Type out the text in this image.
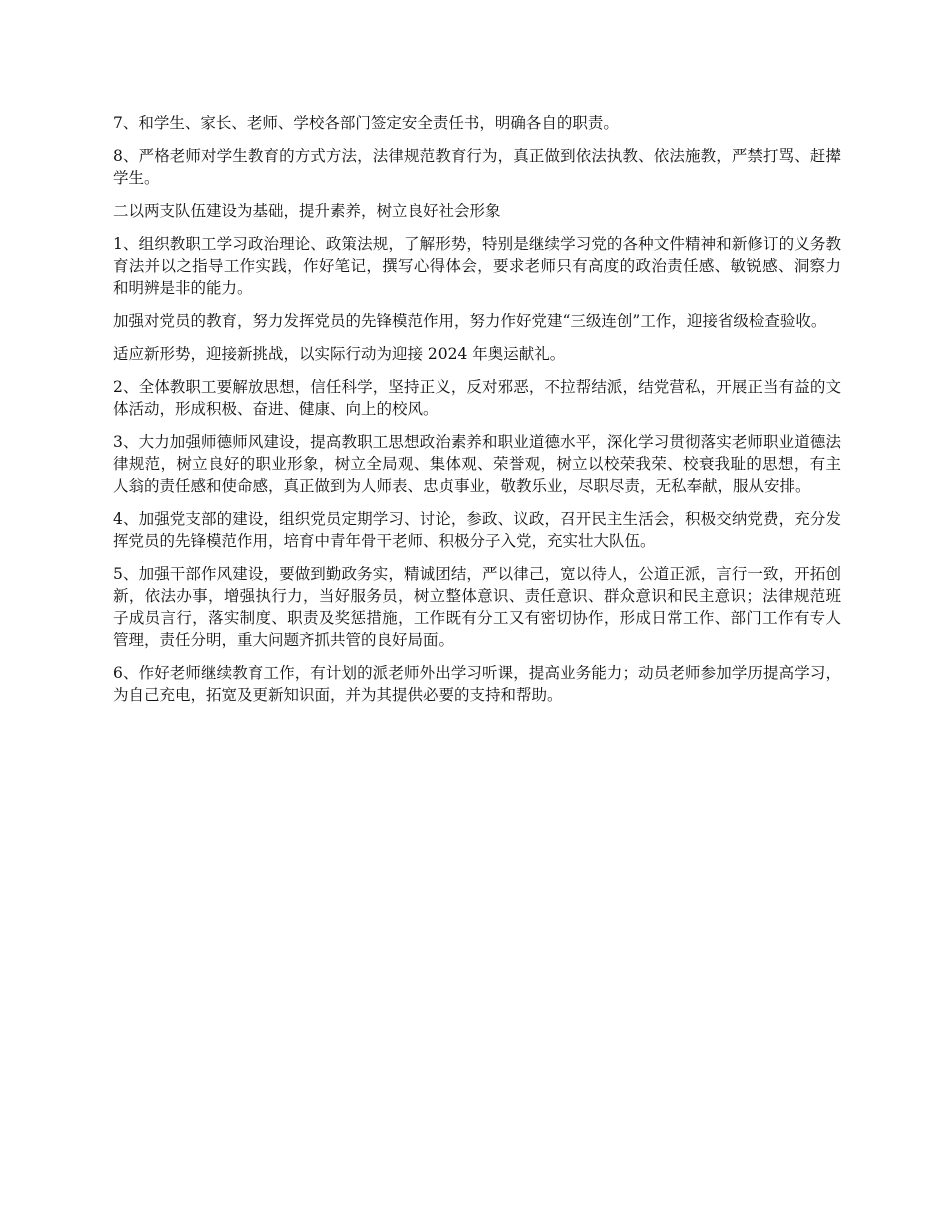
7、和学生、家长、老师、学校各部门签定安全责任书，明确各自的职责。

8、严格老师对学生教育的方式方法，法律规范教育行为，真正做到依法执教、依法施教，严禁打骂、赶撵学生。

二以两支队伍建设为基础，提升素养，树立良好社会形象

1、组织教职工学习政治理论、政策法规，了解形势，特别是继续学习党的各种文件精神和新修订的义务教育法并以之指导工作实践，作好笔记，撰写心得体会，要求老师只有高度的政治责任感、敏锐感、洞察力和明辨是非的能力。

加强对党员的教育，努力发挥党员的先锋模范作用，努力作好党建“三级连创”工作，迎接省级检查验收。

适应新形势，迎接新挑战，以实际行动为迎接 2024 年奥运献礼。

2、全体教职工要解放思想，信任科学，坚持正义，反对邪恶，不拉帮结派，结党营私，开展正当有益的文体活动，形成积极、奋进、健康、向上的校风。

3、大力加强师德师风建设，提高教职工思想政治素养和职业道德水平，深化学习贯彻落实老师职业道德法律规范，树立良好的职业形象，树立全局观、集体观、荣誉观，树立以校荣我荣、校衰我耻的思想，有主人翁的责任感和使命感，真正做到为人师表、忠贞事业，敬教乐业，尽职尽责，无私奉献，服从安排。

4、加强党支部的建设，组织党员定期学习、讨论，参政、议政，召开民主生活会，积极交纳党费，充分发挥党员的先锋模范作用，培育中青年骨干老师、积极分子入党，充实壮大队伍。

5、加强干部作风建设，要做到勤政务实，精诚团结，严以律己，宽以待人，公道正派，言行一致，开拓创新，依法办事，增强执行力，当好服务员，树立整体意识、责任意识、群众意识和民主意识；法律规范班子成员言行，落实制度、职责及奖惩措施，工作既有分工又有密切协作，形成日常工作、部门工作有专人管理，责任分明，重大问题齐抓共管的良好局面。

6、作好老师继续教育工作，有计划的派老师外出学习听课，提高业务能力；动员老师参加学历提高学习，为自己充电，拓宽及更新知识面，并为其提供必要的支持和帮助。
